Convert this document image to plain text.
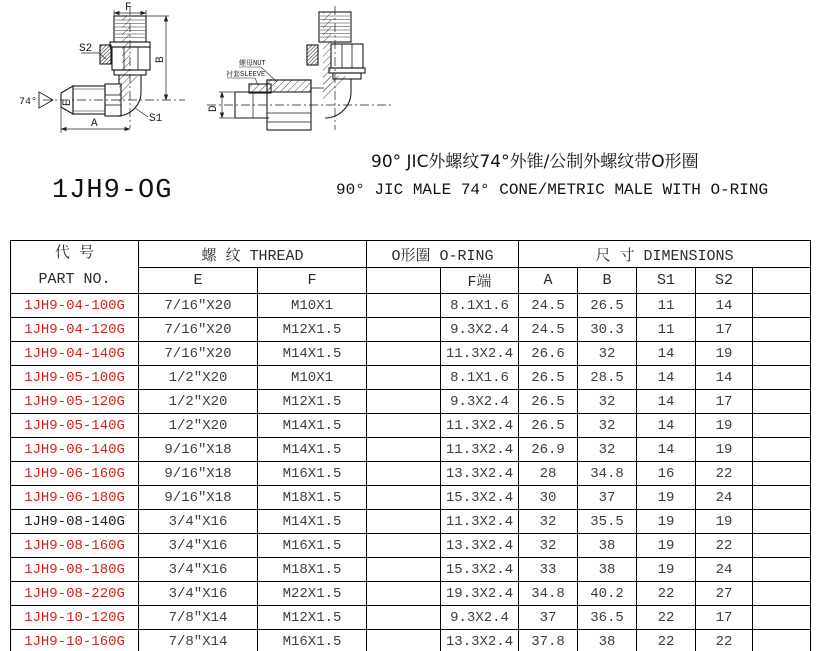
F
S2
B
74° E
A	S1
螺母NUT
衬套SLEEVE
D
1JH9-OG
90° JIC外螺纹74°外锥/公制外螺纹带O形圈
90° JIC MALE 74° CONE/METRIC MALE WITH O-RING
代 号
PART NO.	螺 纹 THREAD		O形圈 O-RING		尺 寸 DIMENSIONS				
	E	F		F端	A	B	S1	S2	
1JH9-04-100G	7/16″X20	M10X1		8.1X1.6	24.5	26.5	11	14	
1JH9-04-120G	7/16″X20	M12X1.5		9.3X2.4	24.5	30.3	11	17	
1JH9-04-140G	7/16″X20	M14X1.5		11.3X2.4	26.6	32	14	19	
1JH9-05-100G	1/2″X20	M10X1		8.1X1.6	26.5	28.5	14	14	
1JH9-05-120G	1/2″X20	M12X1.5		9.3X2.4	26.5	32	14	17	
1JH9-05-140G	1/2″X20	M14X1.5		11.3X2.4	26.5	32	14	19	
1JH9-06-140G	9/16″X18	M14X1.5		11.3X2.4	26.9	32	14	19	
1JH9-06-160G	9/16″X18	M16X1.5		13.3X2.4	28	34.8	16	22	
1JH9-06-180G	9/16″X18	M18X1.5		15.3X2.4	30	37	19	24	
1JH9-08-140G	3/4″X16	M14X1.5		11.3X2.4	32	35.5	19	19	
1JH9-08-160G	3/4″X16	M16X1.5		13.3X2.4	32	38	19	22	
1JH9-08-180G	3/4″X16	M18X1.5		15.3X2.4	33	38	19	24	
1JH9-08-220G	3/4″X16	M22X1.5		19.3X2.4	34.8	40.2	22	27	
1JH9-10-120G	7/8″X14	M12X1.5		9.3X2.4	37	36.5	22	17	
1JH9-10-160G	7/8″X14	M16X1.5		13.3X2.4	37.8	38	22	22	
